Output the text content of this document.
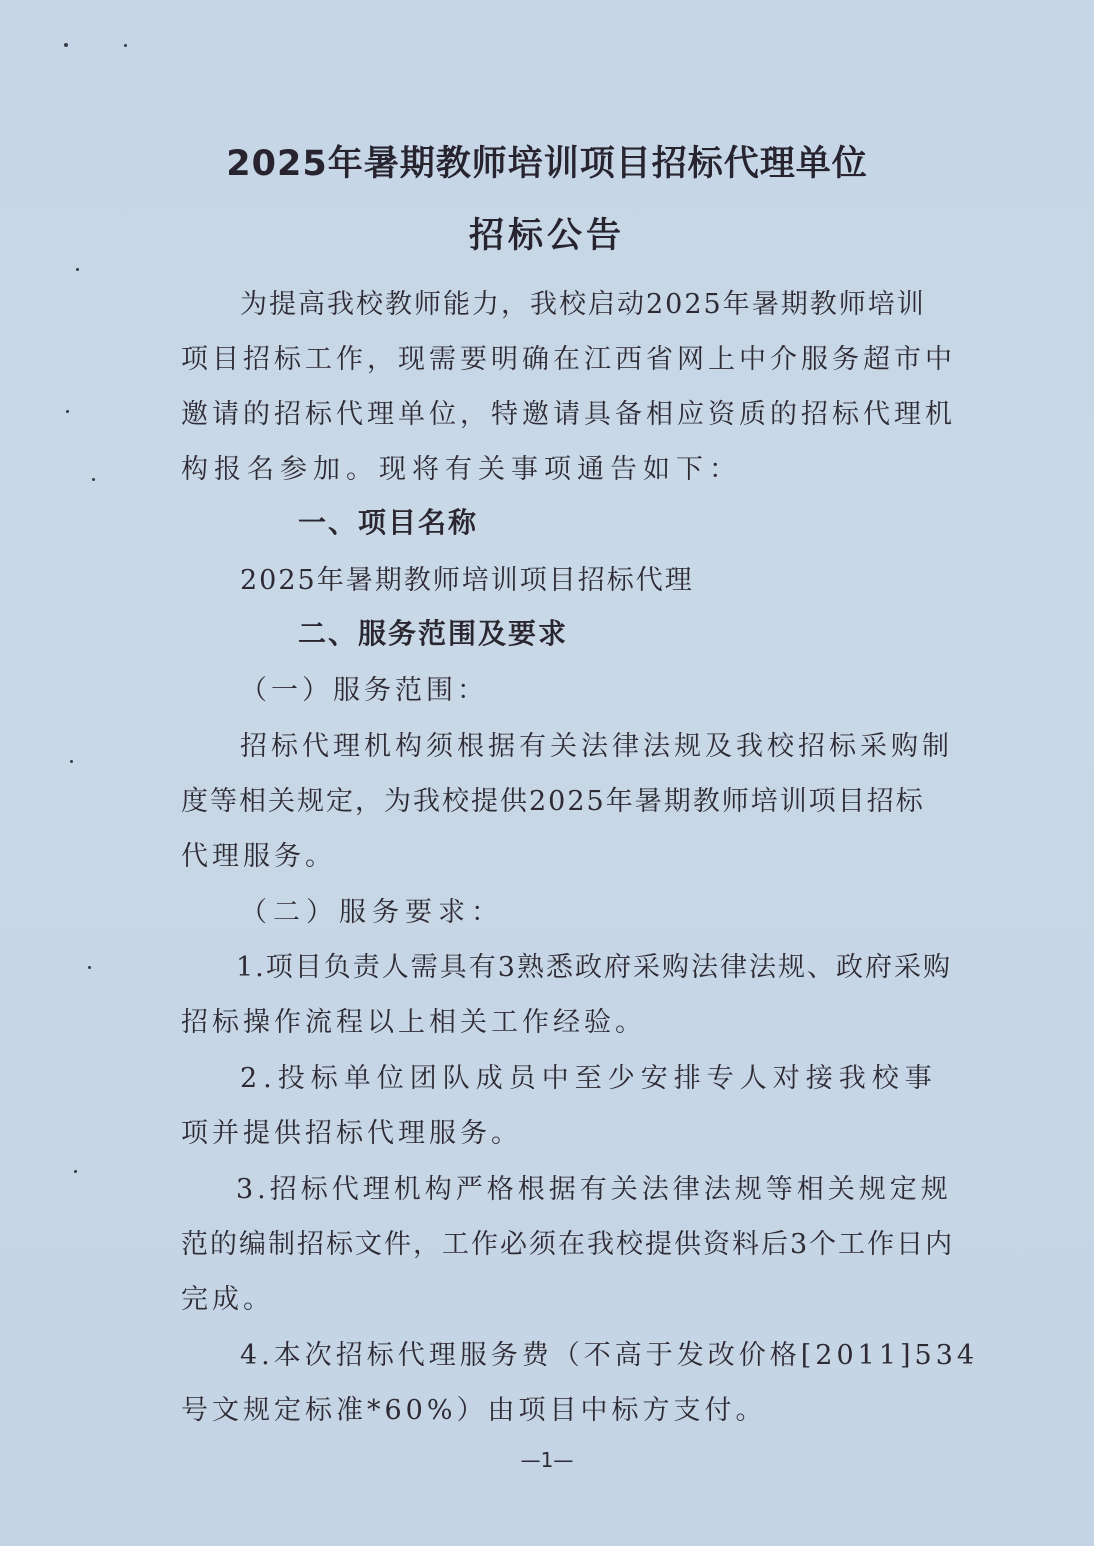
2025年暑期教师培训项目招标代理单位
招标公告

为提高我校教师能力，我校启动2025年暑期教师培训

项目招标工作，现需要明确在江西省网上中介服务超市中

邀请的招标代理单位，特邀请具备相应资质的招标代理机

构报名参加。现将有关事项通告如下：

一、项目名称

2025年暑期教师培训项目招标代理

二、服务范围及要求

（一）服务范围：

招标代理机构须根据有关法律法规及我校招标采购制

度等相关规定，为我校提供2025年暑期教师培训项目招标

代理服务。

（二）服务要求：

1.项目负责人需具有3熟悉政府采购法律法规、政府采购

招标操作流程以上相关工作经验。

2.投标单位团队成员中至少安排专人对接我校事

项并提供招标代理服务。

3.招标代理机构严格根据有关法律法规等相关规定规

范的编制招标文件，工作必须在我校提供资料后3个工作日内

完成。

4.本次招标代理服务费（不高于发改价格[2011]534

号文规定标准*60%）由项目中标方支付。

—1—
